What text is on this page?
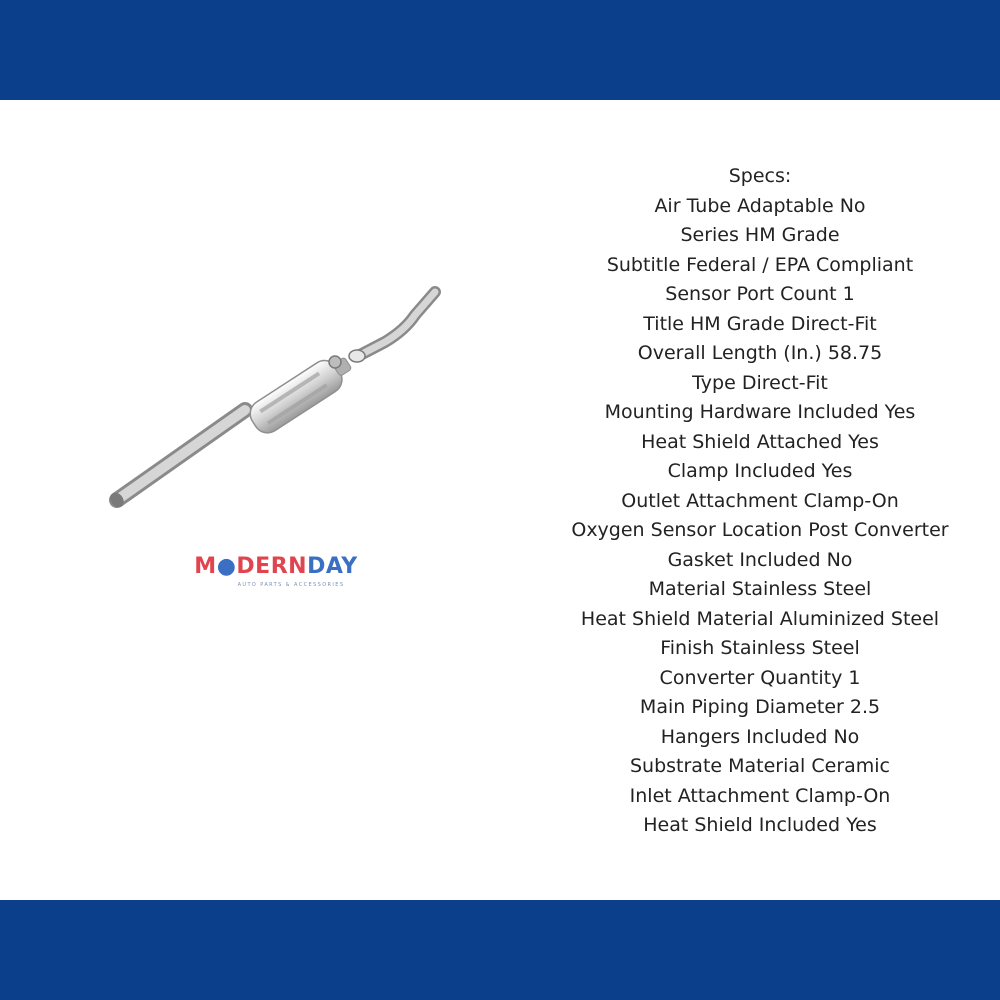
M●DERNDAY
AUTO PARTS & ACCESSORIES
Specs:
Air Tube Adaptable No
Series HM Grade
Subtitle Federal / EPA Compliant
Sensor Port Count 1
Title HM Grade Direct-Fit
Overall Length (In.) 58.75
Type Direct-Fit
Mounting Hardware Included Yes
Heat Shield Attached Yes
Clamp Included Yes
Outlet Attachment Clamp-On
Oxygen Sensor Location Post Converter
Gasket Included No
Material Stainless Steel
Heat Shield Material Aluminized Steel
Finish Stainless Steel
Converter Quantity 1
Main Piping Diameter 2.5
Hangers Included No
Substrate Material Ceramic
Inlet Attachment Clamp-On
Heat Shield Included Yes
